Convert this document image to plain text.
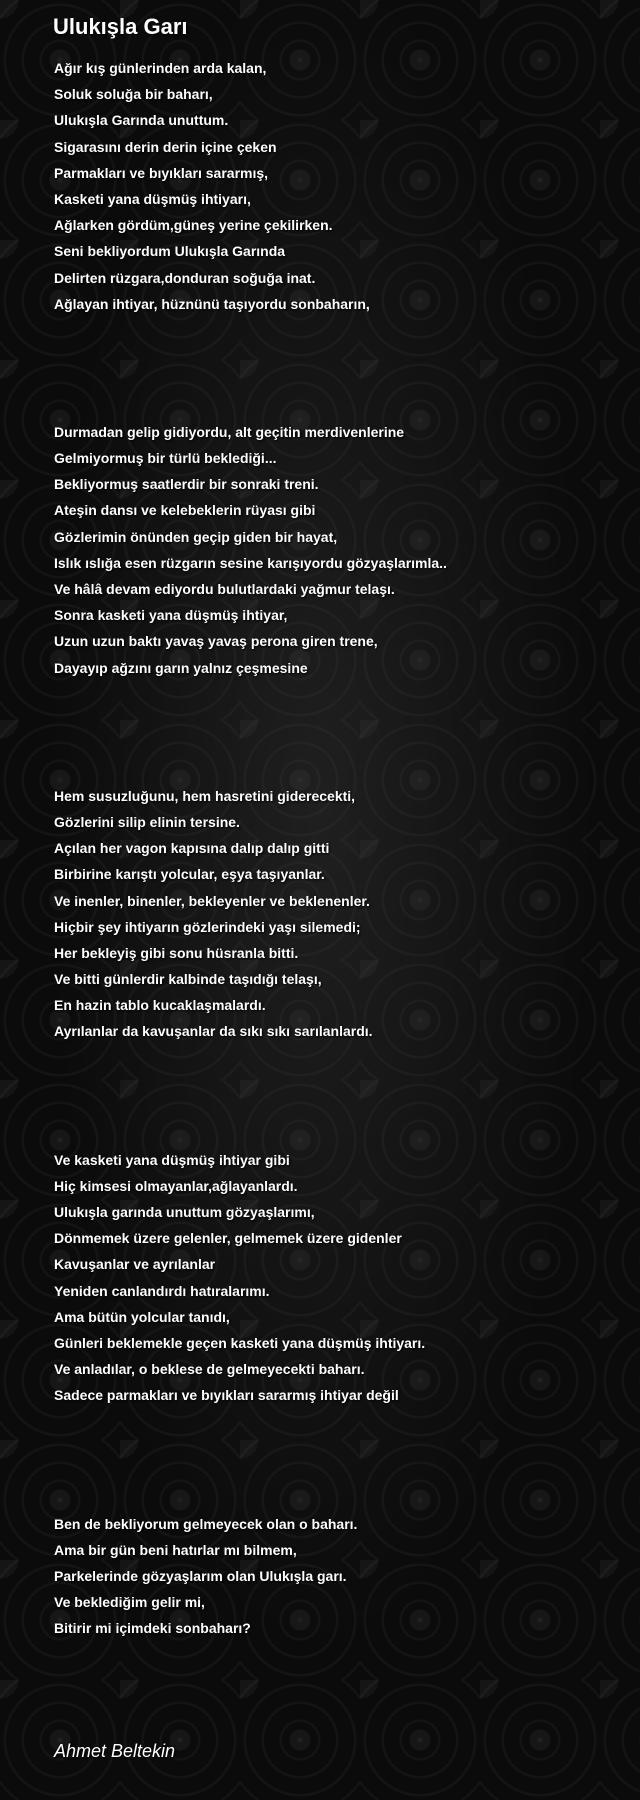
Ulukışla Garı
Ağır kış günlerinden arda kalan,
Soluk soluğa bir baharı,
Ulukışla Garında unuttum.
Sigarasını derin derin içine çeken
Parmakları ve bıyıkları sararmış,
Kasketi yana düşmüş ihtiyarı,
Ağlarken gördüm,güneş yerine çekilirken.
Seni bekliyordum Ulukışla Garında
Delirten rüzgara,donduran soğuğa inat.
Ağlayan ihtiyar, hüznünü taşıyordu sonbaharın,
Durmadan gelip gidiyordu, alt geçitin merdivenlerine
Gelmiyormuş bir türlü beklediği...
Bekliyormuş saatlerdir bir sonraki treni.
Ateşin dansı ve kelebeklerin rüyası gibi
Gözlerimin önünden geçip giden bir hayat,
Islık ıslığa esen rüzgarın sesine karışıyordu gözyaşlarımla..
Ve hâlâ devam ediyordu bulutlardaki yağmur telaşı.
Sonra kasketi yana düşmüş ihtiyar,
Uzun uzun baktı yavaş yavaş perona giren trene,
Dayayıp ağzını garın yalnız çeşmesine
Hem susuzluğunu, hem hasretini giderecekti,
Gözlerini silip elinin tersine.
Açılan her vagon kapısına dalıp dalıp gitti
Birbirine karıştı yolcular, eşya taşıyanlar.
Ve inenler, binenler, bekleyenler ve beklenenler.
Hiçbir şey ihtiyarın gözlerindeki yaşı silemedi;
Her bekleyiş gibi sonu hüsranla bitti.
Ve bitti günlerdir kalbinde taşıdığı telaşı,
En hazin tablo kucaklaşmalardı.
Ayrılanlar da kavuşanlar da sıkı sıkı sarılanlardı.
Ve kasketi yana düşmüş ihtiyar gibi
Hiç kimsesi olmayanlar,ağlayanlardı.
Ulukışla garında unuttum gözyaşlarımı,
Dönmemek üzere gelenler, gelmemek üzere gidenler
Kavuşanlar ve ayrılanlar
Yeniden canlandırdı hatıralarımı.
Ama bütün yolcular tanıdı,
Günleri beklemekle geçen kasketi yana düşmüş ihtiyarı.
Ve anladılar, o beklese de gelmeyecekti baharı.
Sadece parmakları ve bıyıkları sararmış ihtiyar değil
Ben de bekliyorum gelmeyecek olan o baharı.
Ama bir gün beni hatırlar mı bilmem,
Parkelerinde gözyaşlarım olan Ulukışla garı.
Ve beklediğim gelir mi,
Bitirir mi içimdeki sonbaharı?
Ahmet Beltekin
